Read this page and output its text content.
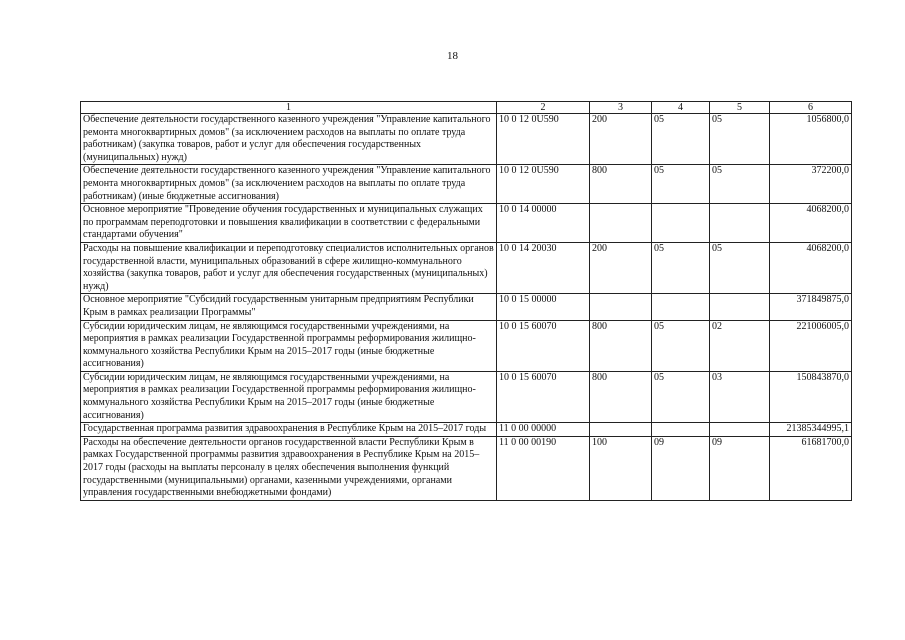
18
1	2	3	4	5	6
Обеспечение деятельности государственного казенного учреждения "Управление капитального ремонта многоквартирных домов" (за исключением расходов на выплаты по оплате труда работникам) (закупка товаров, работ и услуг для обеспечения государственных (муниципальных) нужд)	10 0 12 0U590	200	05	05	1056800,0
Обеспечение деятельности государственного казенного учреждения "Управление капитального ремонта многоквартирных домов" (за исключением расходов на выплаты по оплате труда работникам) (иные бюджетные ассигнования)	10 0 12 0U590	800	05	05	372200,0
Основное мероприятие "Проведение обучения государственных и муниципальных служащих по программам переподготовки и повышения квалификации в соответствии с федеральными стандартами обучения"	10 0 14 00000				4068200,0
Расходы на повышение квалификации и переподготовку специалистов исполнительных органов государственной власти, муниципальных образований в сфере жилищно-коммунального хозяйства (закупка товаров, работ и услуг для обеспечения государственных (муниципальных) нужд)	10 0 14 20030	200	05	05	4068200,0
Основное мероприятие "Субсидий государственным унитарным предприятиям Республики Крым в рамках реализации Программы"	10 0 15 00000				371849875,0
Субсидии юридическим лицам, не являющимся государственными учреждениями, на мероприятия в рамках реализации Государственной программы реформирования жилищно-коммунального хозяйства Республики Крым на 2015–2017 годы (иные бюджетные ассигнования)	10 0 15 60070	800	05	02	221006005,0
Субсидии юридическим лицам, не являющимся государственными учреждениями, на мероприятия в рамках реализации Государственной программы реформирования жилищно-коммунального хозяйства Республики Крым на 2015–2017 годы (иные бюджетные ассигнования)	10 0 15 60070	800	05	03	150843870,0
Государственная программа развития здравоохранения в Республике Крым на 2015–2017 годы	11 0 00 00000				21385344995,1
Расходы на обеспечение деятельности органов государственной власти Республики Крым в рамках Государственной программы развития здравоохранения в Республике Крым на 2015–2017 годы (расходы на выплаты персоналу в целях обеспечения выполнения функций государственными (муниципальными) органами, казенными учреждениями, органами управления государственными внебюджетными фондами)	11 0 00 00190	100	09	09	61681700,0
